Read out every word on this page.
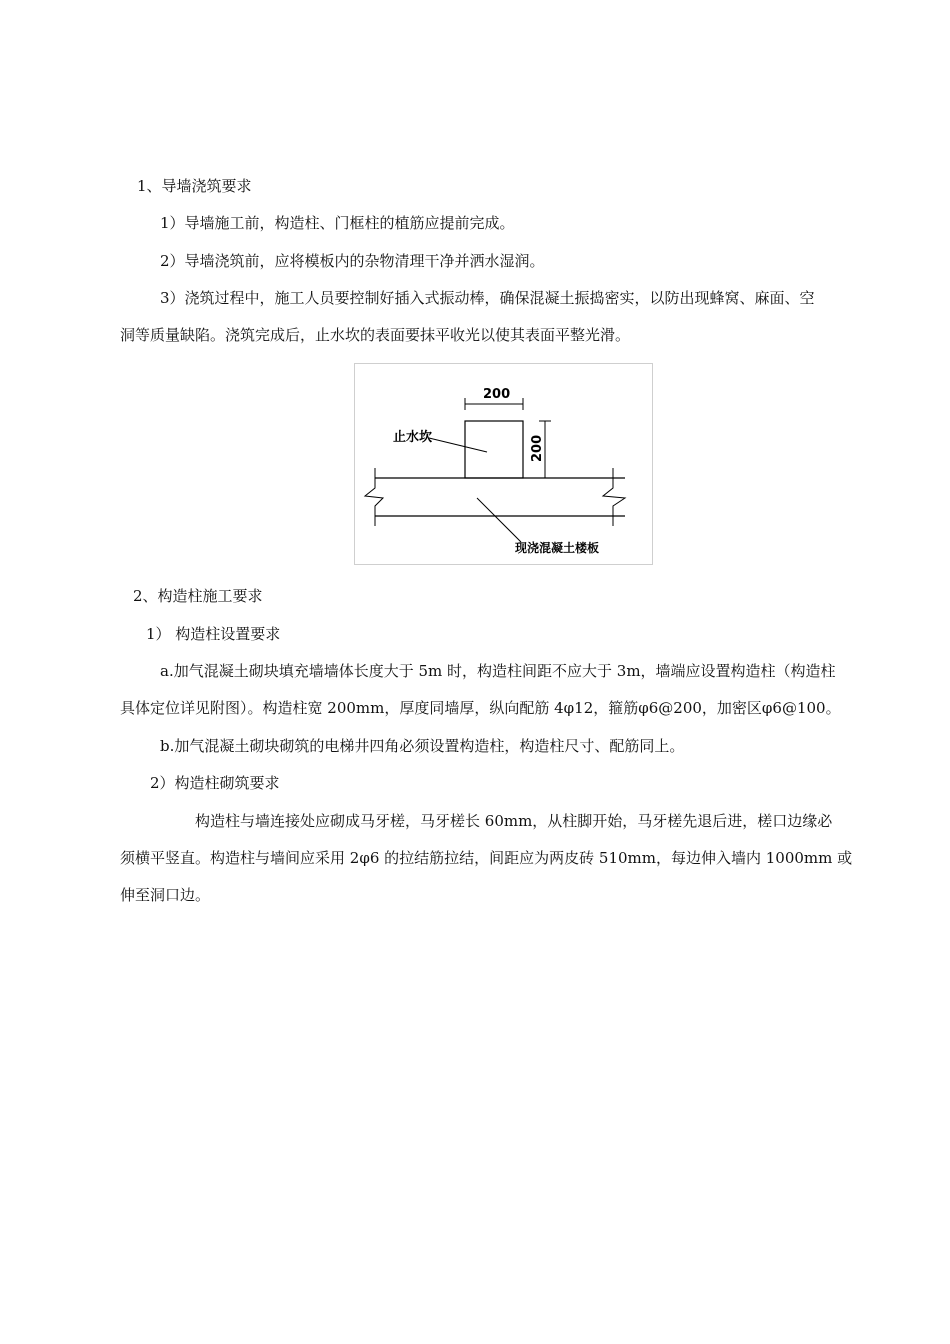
1、导墙浇筑要求
1）导墙施工前，构造柱、门框柱的植筋应提前完成。
2）导墙浇筑前，应将模板内的杂物清理干净并洒水湿润。
3）浇筑过程中，施工人员要控制好插入式振动棒，确保混凝土振捣密实，以防出现蜂窝、麻面、空
洞等质量缺陷。浇筑完成后，止水坎的表面要抹平收光以使其表面平整光滑。
200
200
止水坎
现浇混凝土楼板
2、构造柱施工要求
1） 构造柱设置要求
a.加气混凝土砌块填充墙墙体长度大于 5m 时，构造柱间距不应大于 3m，墙端应设置构造柱（构造柱
具体定位详见附图）。构造柱宽 200mm，厚度同墙厚，纵向配筋 4φ12，箍筋φ6@200，加密区φ6@100。
b.加气混凝土砌块砌筑的电梯井四角必须设置构造柱，构造柱尺寸、配筋同上。
2）构造柱砌筑要求
构造柱与墙连接处应砌成马牙槎，马牙槎长 60mm，从柱脚开始，马牙槎先退后进，槎口边缘必
须横平竖直。构造柱与墙间应采用 2φ6 的拉结筋拉结，间距应为两皮砖 510mm，每边伸入墙内 1000mm 或
伸至洞口边。
